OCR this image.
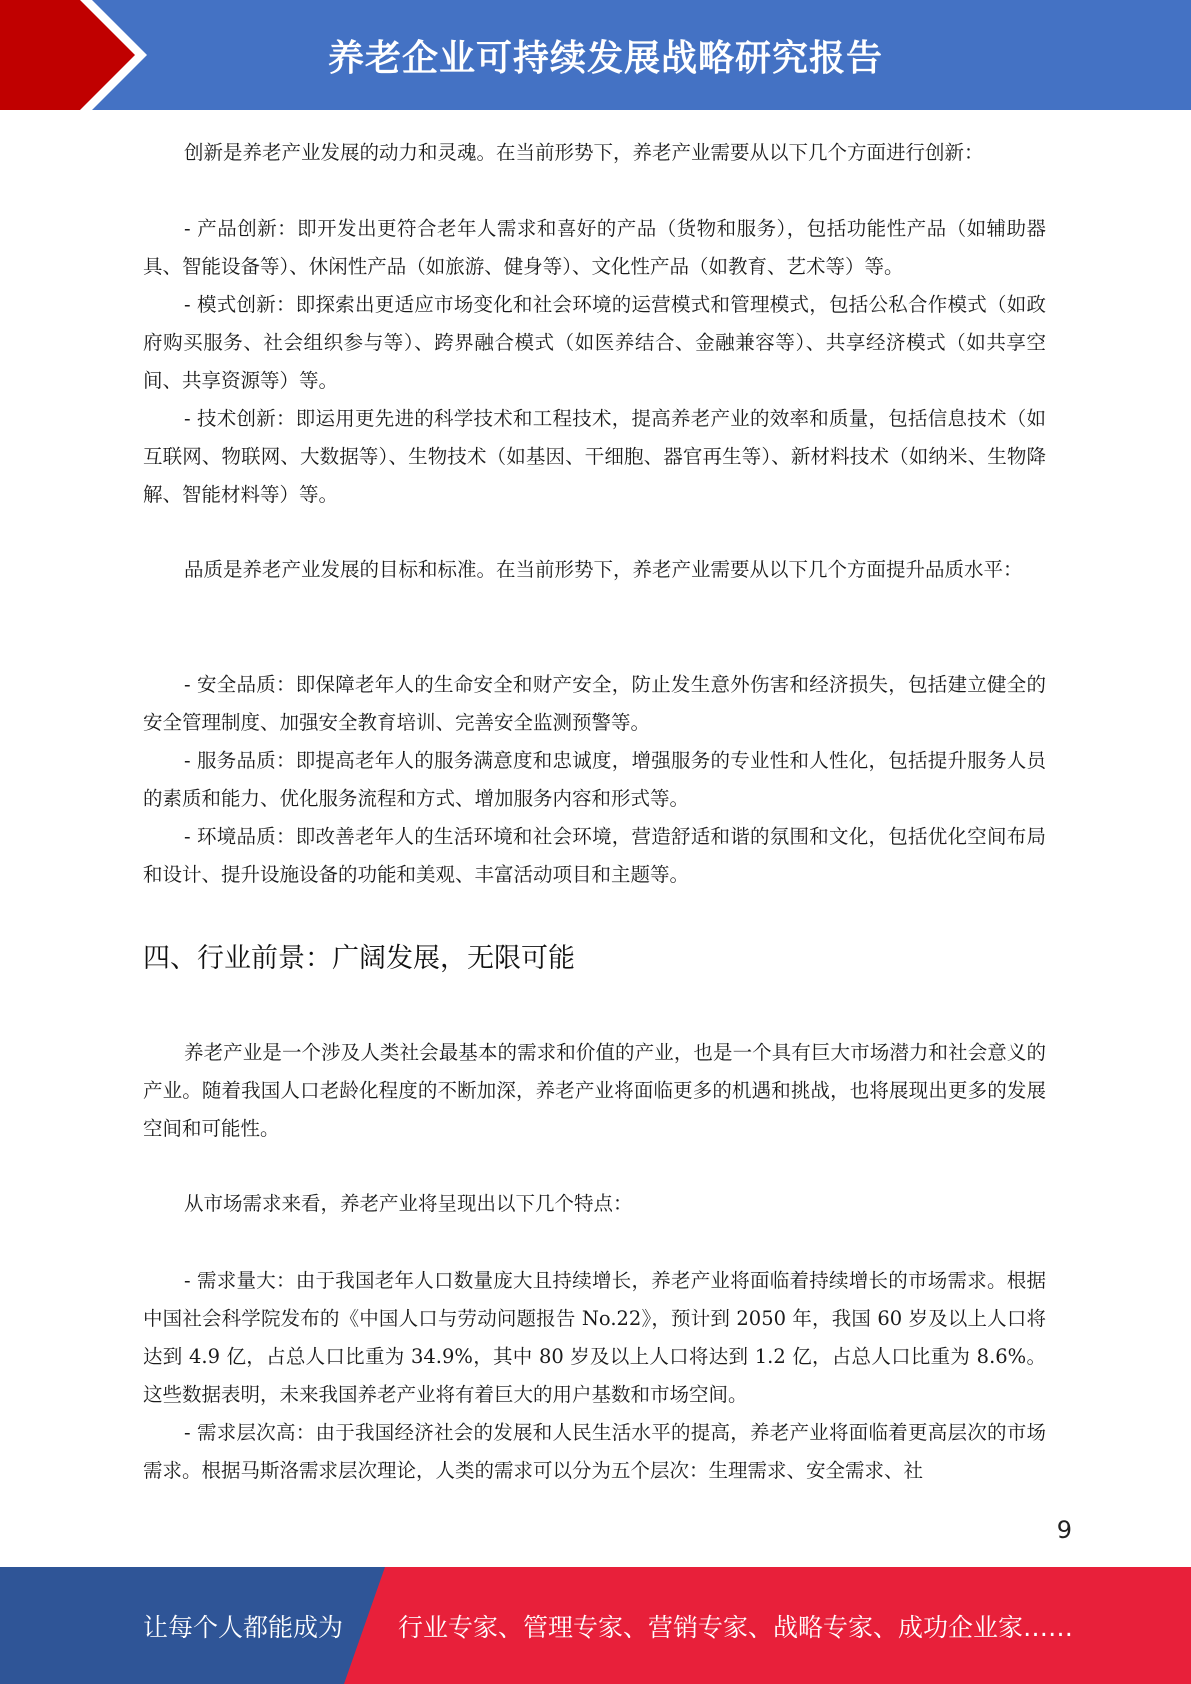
养老企业可持续发展战略研究报告

创新是养老产业发展的动力和灵魂。在当前形势下，养老产业需要从以下几个方面进行创新：

- 产品创新：即开发出更符合老年人需求和喜好的产品（货物和服务），包括功能性产品（如辅助器具、智能设备等）、休闲性产品（如旅游、健身等）、文化性产品（如教育、艺术等）等。

- 模式创新：即探索出更适应市场变化和社会环境的运营模式和管理模式，包括公私合作模式（如政府购买服务、社会组织参与等）、跨界融合模式（如医养结合、金融兼容等）、共享经济模式（如共享空间、共享资源等）等。

- 技术创新：即运用更先进的科学技术和工程技术，提高养老产业的效率和质量，包括信息技术（如互联网、物联网、大数据等）、生物技术（如基因、干细胞、器官再生等）、新材料技术（如纳米、生物降解、智能材料等）等。

品质是养老产业发展的目标和标准。在当前形势下，养老产业需要从以下几个方面提升品质水平：

- 安全品质：即保障老年人的生命安全和财产安全，防止发生意外伤害和经济损失，包括建立健全的安全管理制度、加强安全教育培训、完善安全监测预警等。

- 服务品质：即提高老年人的服务满意度和忠诚度，增强服务的专业性和人性化，包括提升服务人员的素质和能力、优化服务流程和方式、增加服务内容和形式等。

- 环境品质：即改善老年人的生活环境和社会环境，营造舒适和谐的氛围和文化，包括优化空间布局和设计、提升设施设备的功能和美观、丰富活动项目和主题等。

四、行业前景：广阔发展，无限可能

养老产业是一个涉及人类社会最基本的需求和价值的产业，也是一个具有巨大市场潜力和社会意义的产业。随着我国人口老龄化程度的不断加深，养老产业将面临更多的机遇和挑战，也将展现出更多的发展空间和可能性。

从市场需求来看，养老产业将呈现出以下几个特点：

- 需求量大：由于我国老年人口数量庞大且持续增长，养老产业将面临着持续增长的市场需求。根据中国社会科学院发布的《中国人口与劳动问题报告 No.22》，预计到 2050 年，我国 60 岁及以上人口将达到 4.9 亿，占总人口比重为 34.9%，其中 80 岁及以上人口将达到 1.2 亿，占总人口比重为 8.6%。这些数据表明，未来我国养老产业将有着巨大的用户基数和市场空间。

- 需求层次高：由于我国经济社会的发展和人民生活水平的提高，养老产业将面临着更高层次的市场需求。根据马斯洛需求层次理论，人类的需求可以分为五个层次：生理需求、安全需求、社

9
让每个人都能成为 行业专家、管理专家、营销专家、战略专家、成功企业家……
